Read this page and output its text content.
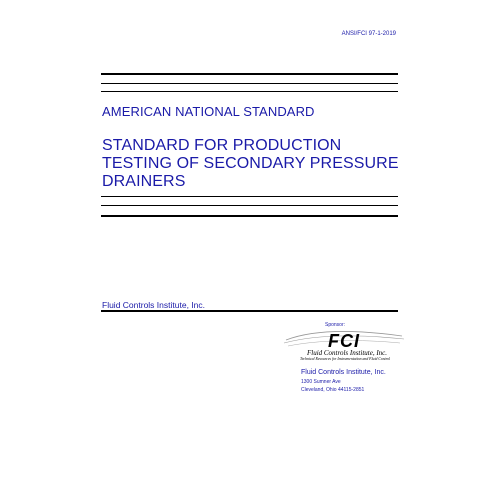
ANSI/FCI 97-1-2019
AMERICAN NATIONAL STANDARD
STANDARD FOR PRODUCTION
TESTING OF SECONDARY PRESSURE
DRAINERS
Fluid Controls Institute, Inc.
Sponsor:
FCI
Fluid Controls Institute, Inc.
Technical Resources for Instrumentation and Fluid Control
Fluid Controls Institute, Inc.
1300 Sumner Ave
Cleveland, Ohio 44115-2851
